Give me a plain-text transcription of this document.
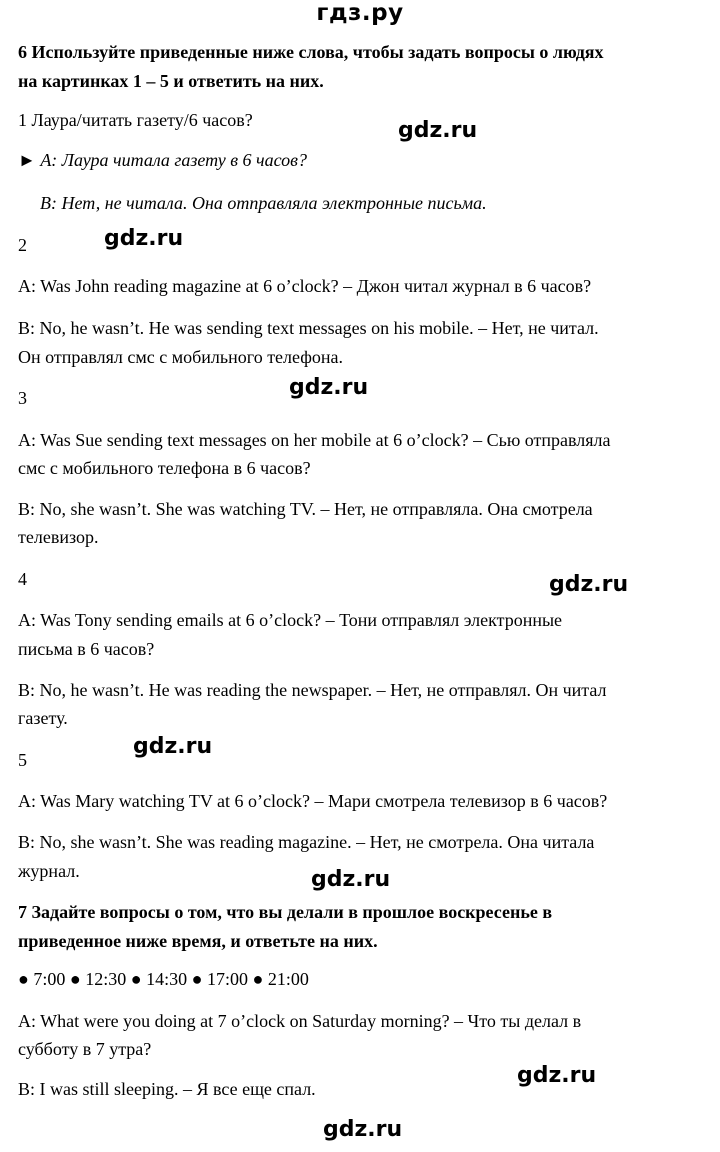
гдз.ру
6 Используйте приведенные ниже слова, чтобы задать вопросы о людях
на картинках 1 – 5 и ответить на них.
1 Лаура/читать газету/6 часов?	gdz.ru
► А: Лаура читала газету в 6 часов?
В: Нет, не читала. Она отправляла электронные письма.
2	gdz.ru
A: Was John reading magazine at 6 o’clock? – Джон читал журнал в 6 часов?
B: No, he wasn’t. He was sending text messages on his mobile. – Нет, не читал.
Он отправлял смс с мобильного телефона.
gdz.ru
3
A: Was Sue sending text messages on her mobile at 6 o’clock? – Сью отправляла
смс с мобильного телефона в 6 часов?
B: No, she wasn’t. She was watching TV. – Нет, не отправляла. Она смотрела
телевизор.
4	gdz.ru
A: Was Tony sending emails at 6 o’clock? – Тони отправлял электронные
письма в 6 часов?
B: No, he wasn’t. He was reading the newspaper. – Нет, не отправлял. Он читал
газету.
gdz.ru
5
A: Was Mary watching TV at 6 o’clock? – Мари смотрела телевизор в 6 часов?
B: No, she wasn’t. She was reading magazine. – Нет, не смотрела. Она читала
журнал.	gdz.ru
7 Задайте вопросы о том, что вы делали в прошлое воскресенье в
приведенное ниже время, и ответьте на них.
● 7:00 ● 12:30 ● 14:30 ● 17:00 ● 21:00
A: What were you doing at 7 o’clock on Saturday morning? – Что ты делал в
субботу в 7 утра?
gdz.ru
B: I was still sleeping. – Я все еще спал.
gdz.ru
